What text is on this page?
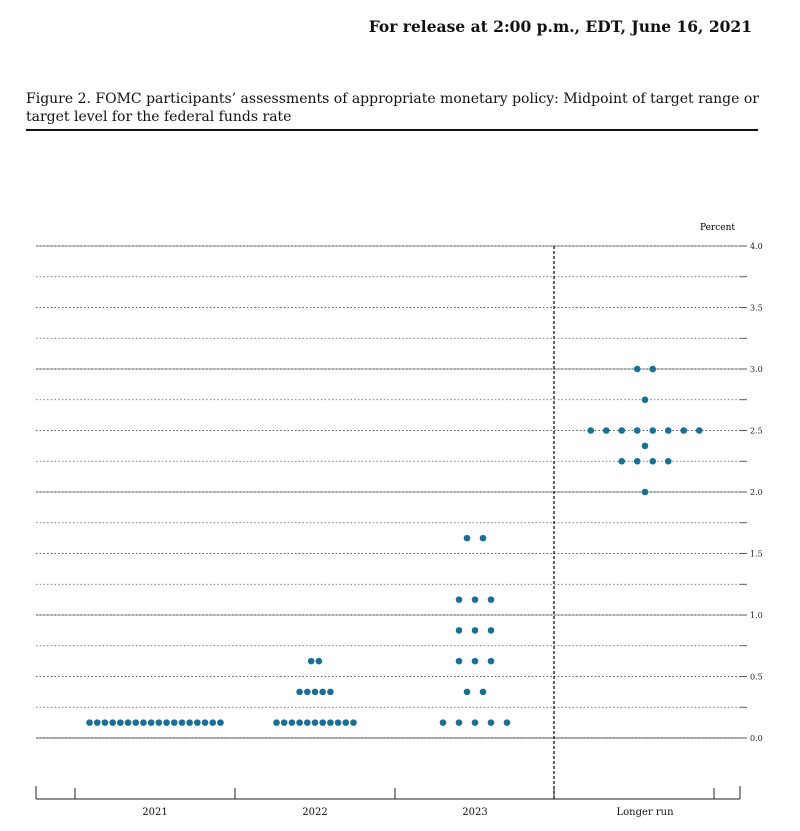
For release at 2:00 p.m., EDT, June 16, 2021
Figure 2. FOMC participants’ assessments of appropriate monetary policy: Midpoint of target range or target level for the federal funds rate
Percent
4.0
3.5
3.0
2.5
2.0
1.5
1.0
0.5
0.0
2021	2022	2023	Longer run
